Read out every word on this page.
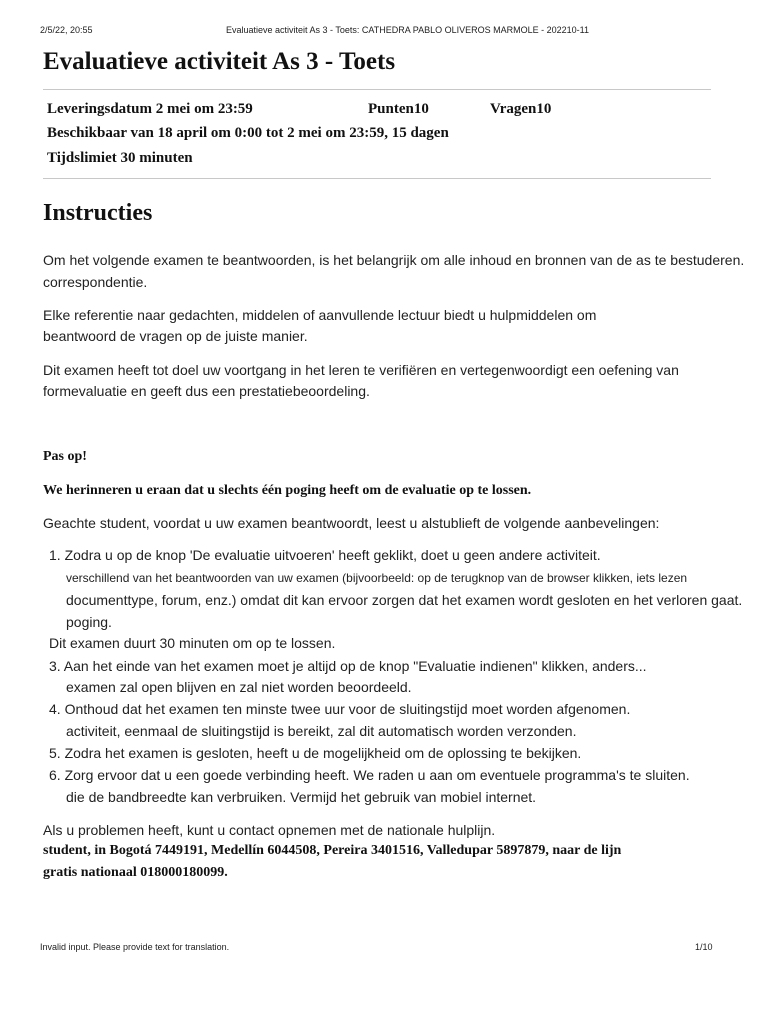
2/5/22, 20:55	Evaluatieve activiteit As 3 - Toets: CATHEDRA PABLO OLIVEROS MARMOLE - 202210-11
Evaluatieve activiteit As 3 - Toets
Leveringsdatum 2 mei om 23:59	Punten10	Vragen10
Beschikbaar van 18 april om 0:00 tot 2 mei om 23:59, 15 dagen
Tijdslimiet 30 minuten
Instructies
Om het volgende examen te beantwoorden, is het belangrijk om alle inhoud en bronnen van de as te bestuderen.
correspondentie.
Elke referentie naar gedachten, middelen of aanvullende lectuur biedt u hulpmiddelen om
beantwoord de vragen op de juiste manier.
Dit examen heeft tot doel uw voortgang in het leren te verifiëren en vertegenwoordigt een oefening van
formevaluatie en geeft dus een prestatiebeoordeling.
Pas op!
We herinneren u eraan dat u slechts één poging heeft om de evaluatie op te lossen.
Geachte student, voordat u uw examen beantwoordt, leest u alstublieft de volgende aanbevelingen:
1. Zodra u op de knop 'De evaluatie uitvoeren' heeft geklikt, doet u geen andere activiteit.
verschillend van het beantwoorden van uw examen (bijvoorbeeld: op de terugknop van de browser klikken, iets lezen
documenttype, forum, enz.) omdat dit kan ervoor zorgen dat het examen wordt gesloten en het verloren gaat.
poging.
Dit examen duurt 30 minuten om op te lossen.
3. Aan het einde van het examen moet je altijd op de knop "Evaluatie indienen" klikken, anders...
examen zal open blijven en zal niet worden beoordeeld.
4. Onthoud dat het examen ten minste twee uur voor de sluitingstijd moet worden afgenomen.
activiteit, eenmaal de sluitingstijd is bereikt, zal dit automatisch worden verzonden.
5. Zodra het examen is gesloten, heeft u de mogelijkheid om de oplossing te bekijken.
6. Zorg ervoor dat u een goede verbinding heeft. We raden u aan om eventuele programma's te sluiten.
die de bandbreedte kan verbruiken. Vermijd het gebruik van mobiel internet.
Als u problemen heeft, kunt u contact opnemen met de nationale hulplijn.
student, in Bogotá 7449191, Medellín 6044508, Pereira 3401516, Valledupar 5897879, naar de lijn
gratis nationaal 018000180099.
Invalid input. Please provide text for translation.	1/10
